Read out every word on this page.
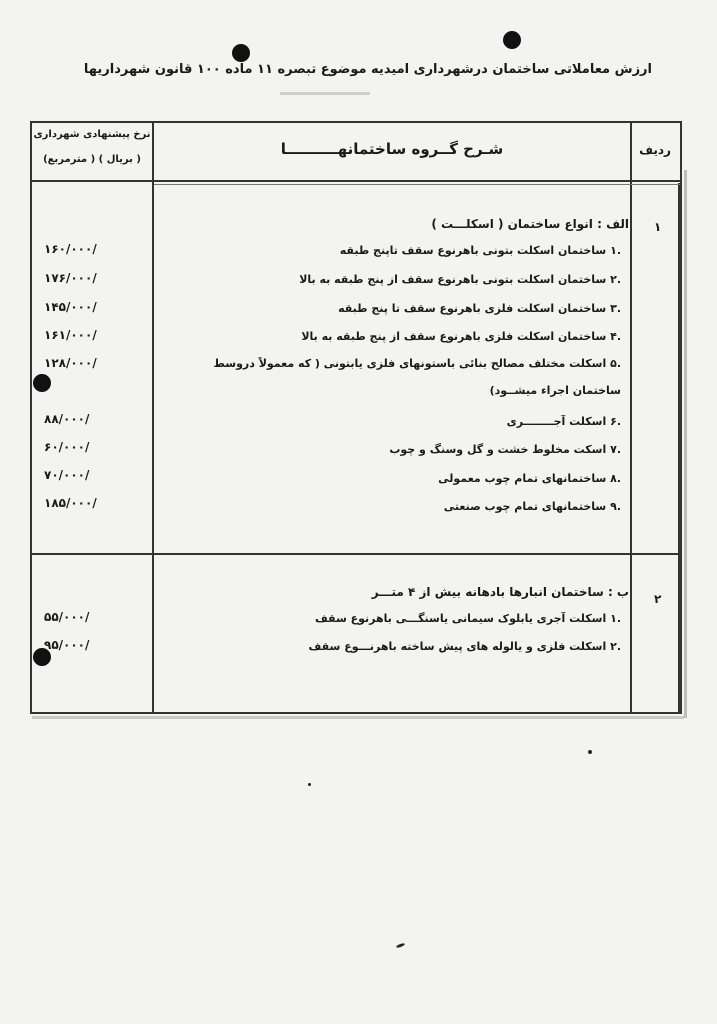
ارزش معاملاتی ساختمان درشهرداری امیدیه موضوع تبصره ۱۱ ماده ۱۰۰ قانون شهرداریها
ردیف
شـرح گــروه ساختمانهــــــــــا
نرخ پیشنهادی شهرداری
( بریال ) ( مترمربع)
۱
الف : انواع ساختمان ( اسکلـــت )
.۱ ساختمان اسکلت بتونی باهرنوع سقف تاپنج طبقه
۱۶۰/۰۰۰/
.۲ ساختمان اسکلت بتونی باهرنوع سقف از پنج طبقه به بالا
۱۷۶/۰۰۰/
.۳ ساختمان اسکلت فلزی باهرنوع سقف تا پنج طبقه
۱۴۵/۰۰۰/
.۴ ساختمان اسکلت فلزی باهرنوع سقف از پنج طبقه به بالا
۱۶۱/۰۰۰/
.۵ اسکلت مختلف مصالح بنائی باستونهای فلزی یابتونی ( که معمولاً دروسط
۱۲۸/۰۰۰/
ساختمان اجراء میشــود)
.۶ اسکلت آجــــــــری
۸۸/۰۰۰/
.۷ اسکت مخلوط خشت و گل وسنگ و چوب
۶۰/۰۰۰/
.۸ ساختمانهای تمام چوب معمولی
۷۰/۰۰۰/
.۹ ساختمانهای تمام چوب صنعتی
۱۸۵/۰۰۰/
۲
ب : ساختمان انبارها بادهانه بیش از ۴ متـــر
.۱ اسکلت آجری یابلوک سیمانی یاسنگـــی باهرنوع سقف
۵۵/۰۰۰/
.۲ اسکلت فلزی و یالوله های پیش ساخته باهرنـــوع سقف
۹۵/۰۰۰/
